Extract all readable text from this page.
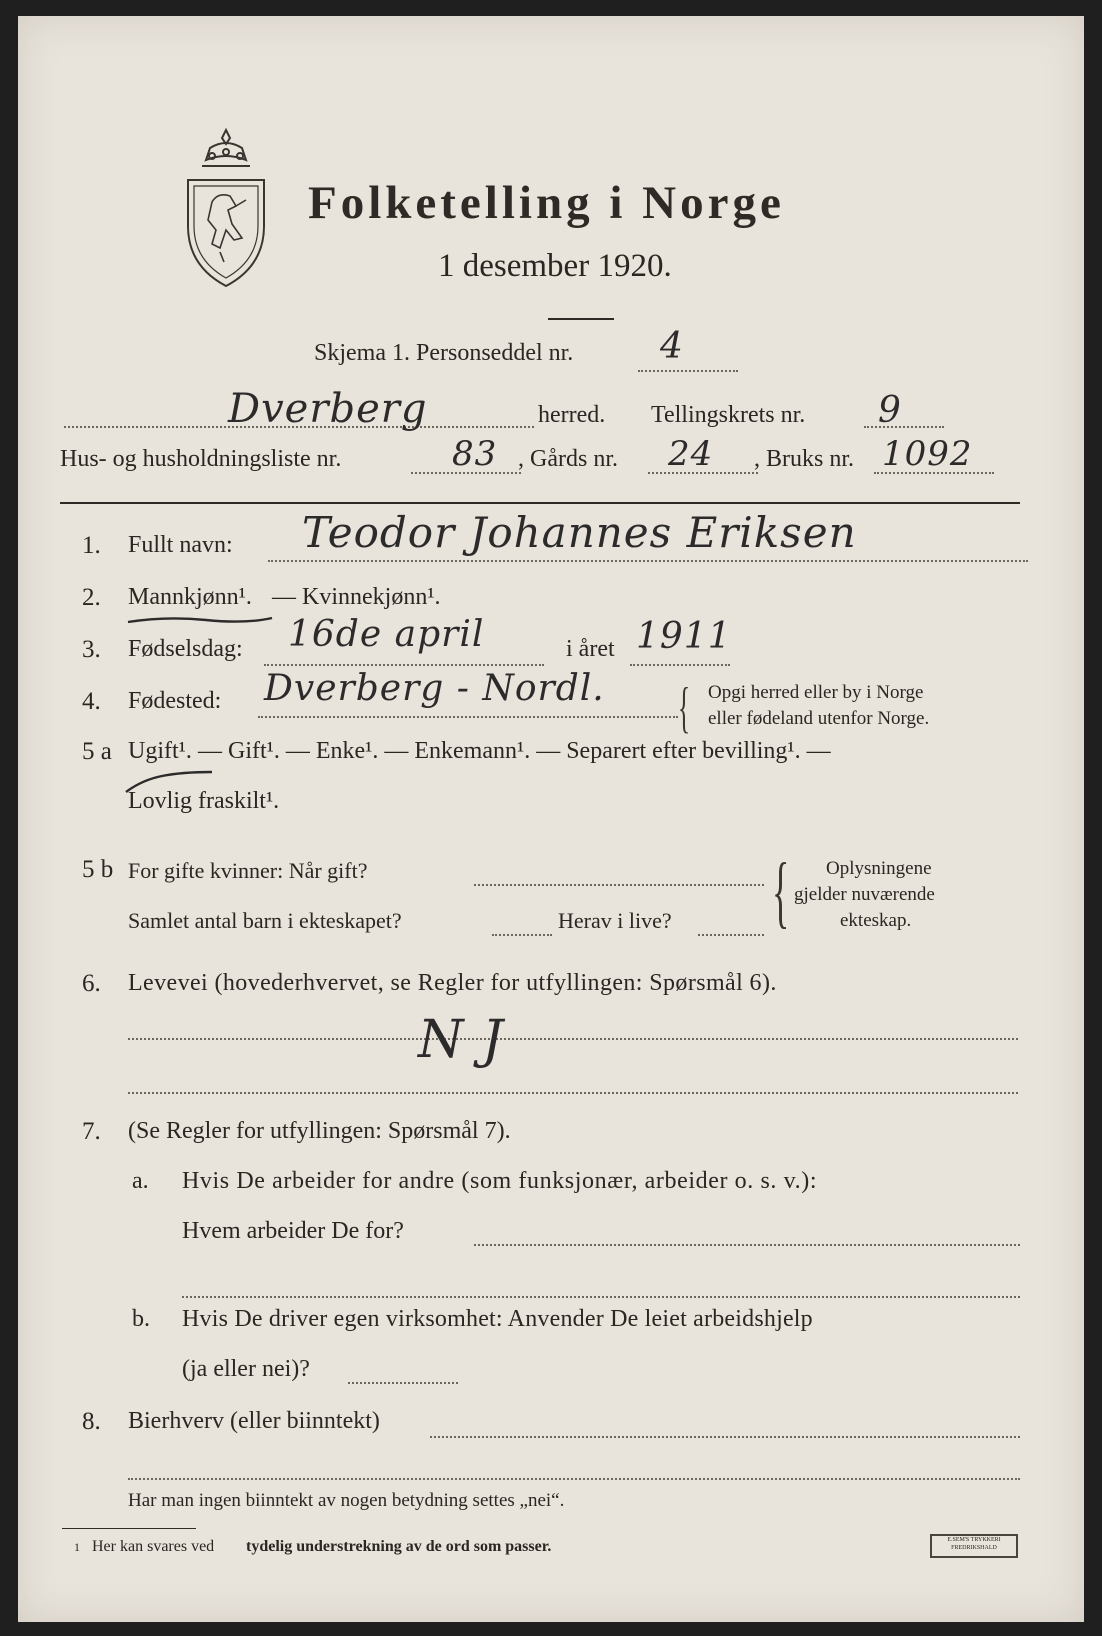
Folketelling i Norge
1 desember 1920.
Skjema 1. Personseddel nr. 4
Dverberg	herred. Tellingskrets nr. 9
Hus- og husholdningsliste nr.	83 , Gårds nr. 24 , Bruks nr. 1092
1. Fullt navn: Teodor Johannes Eriksen
2. Mannkjønn¹. — Kvinnekjønn¹.
3. Fødselsdag: 16de april	i året 1911
4. Fødested: Dverberg - Nordl. { Opgi herred eller by i Norge
eller fødeland utenfor Norge.
5 a Ugift¹. — Gift¹. — Enke¹. — Enkemann¹. — Separert efter bevilling¹. —
Lovlig fraskilt¹.
5 b For gifte kvinner: Når gift?
Samlet antal barn i ekteskapet?	Herav i live? { Oplysningene
gjelder nuværende
ekteskap.
6. Levevei (hovederhvervet, se Regler for utfyllingen: Spørsmål 6).
N J
7. (Se Regler for utfyllingen: Spørsmål 7).
a. Hvis De arbeider for andre (som funksjonær, arbeider o. s. v.):
Hvem arbeider De for?
b. Hvis De driver egen virksomhet: Anvender De leiet arbeidshjelp
(ja eller nei)?
8. Bierhverv (eller biinntekt)
Har man ingen biinntekt av nogen betydning settes „nei“.
1 Her kan svares ved tydelig understrekning av de ord som passer.	E.SEM'S TRYKKERI
FREDRIKSHALD
